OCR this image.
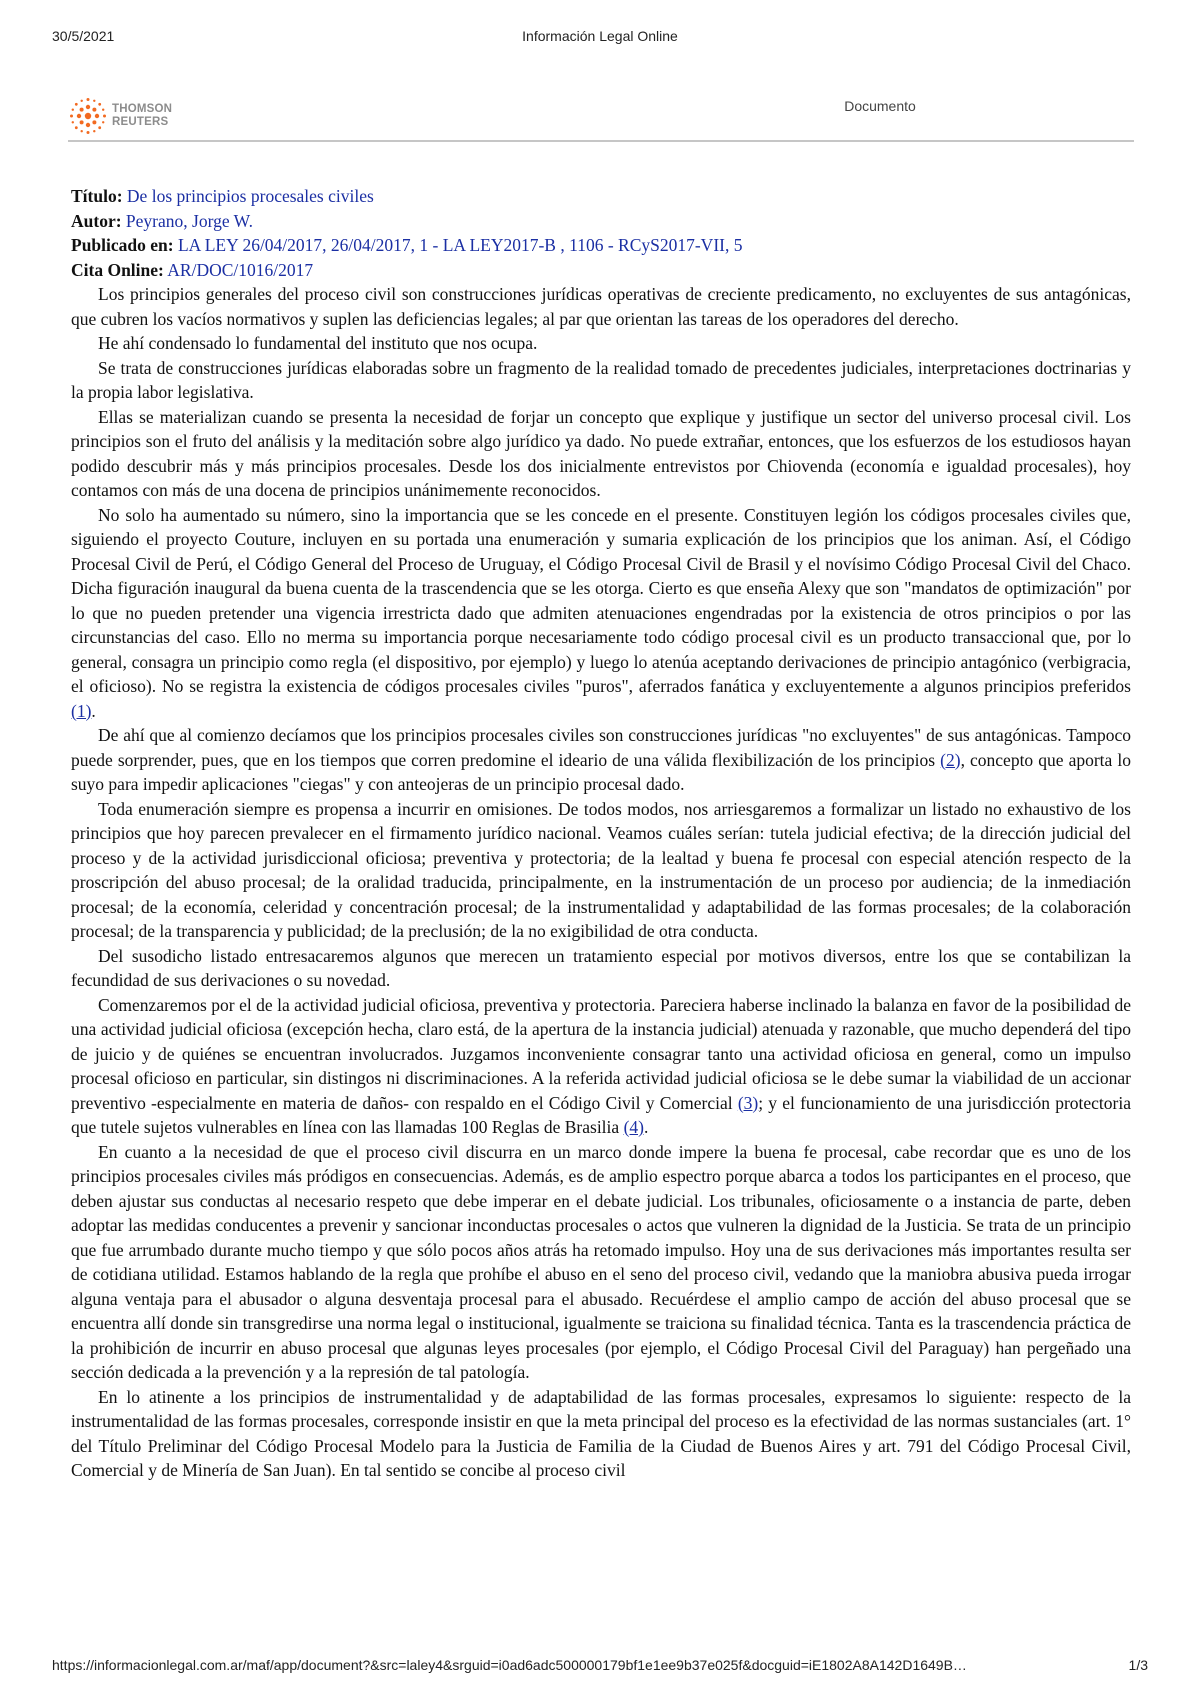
30/5/2021	Información Legal Online
THOMSON
REUTERS
Documento
Título: De los principios procesales civiles
Autor: Peyrano, Jorge W.
Publicado en: LA LEY 26/04/2017, 26/04/2017, 1 - LA LEY2017-B , 1106 - RCyS2017-VII, 5
Cita Online: AR/DOC/1016/2017

Los principios generales del proceso civil son construcciones jurídicas operativas de creciente predicamento, no excluyentes de sus antagónicas, que cubren los vacíos normativos y suplen las deficiencias legales; al par que orientan las tareas de los operadores del derecho.

He ahí condensado lo fundamental del instituto que nos ocupa.

Se trata de construcciones jurídicas elaboradas sobre un fragmento de la realidad tomado de precedentes judiciales, interpretaciones doctrinarias y la propia labor legislativa.

Ellas se materializan cuando se presenta la necesidad de forjar un concepto que explique y justifique un sector del universo procesal civil. Los principios son el fruto del análisis y la meditación sobre algo jurídico ya dado. No puede extrañar, entonces, que los esfuerzos de los estudiosos hayan podido descubrir más y más principios procesales. Desde los dos inicialmente entrevistos por Chiovenda (economía e igualdad procesales), hoy contamos con más de una docena de principios unánimemente reconocidos.

No solo ha aumentado su número, sino la importancia que se les concede en el presente. Constituyen legión los códigos procesales civiles que, siguiendo el proyecto Couture, incluyen en su portada una enumeración y sumaria explicación de los principios que los animan. Así, el Código Procesal Civil de Perú, el Código General del Proceso de Uruguay, el Código Procesal Civil de Brasil y el novísimo Código Procesal Civil del Chaco. Dicha figuración inaugural da buena cuenta de la trascendencia que se les otorga. Cierto es que enseña Alexy que son "mandatos de optimización" por lo que no pueden pretender una vigencia irrestricta dado que admiten atenuaciones engendradas por la existencia de otros principios o por las circunstancias del caso. Ello no merma su importancia porque necesariamente todo código procesal civil es un producto transaccional que, por lo general, consagra un principio como regla (el dispositivo, por ejemplo) y luego lo atenúa aceptando derivaciones de principio antagónico (verbigracia, el oficioso). No se registra la existencia de códigos procesales civiles "puros", aferrados fanática y excluyentemente a algunos principios preferidos (1).

De ahí que al comienzo decíamos que los principios procesales civiles son construcciones jurídicas "no excluyentes" de sus antagónicas. Tampoco puede sorprender, pues, que en los tiempos que corren predomine el ideario de una válida flexibilización de los principios (2), concepto que aporta lo suyo para impedir aplicaciones "ciegas" y con anteojeras de un principio procesal dado.

Toda enumeración siempre es propensa a incurrir en omisiones. De todos modos, nos arriesgaremos a formalizar un listado no exhaustivo de los principios que hoy parecen prevalecer en el firmamento jurídico nacional. Veamos cuáles serían: tutela judicial efectiva; de la dirección judicial del proceso y de la actividad jurisdiccional oficiosa; preventiva y protectoria; de la lealtad y buena fe procesal con especial atención respecto de la proscripción del abuso procesal; de la oralidad traducida, principalmente, en la instrumentación de un proceso por audiencia; de la inmediación procesal; de la economía, celeridad y concentración procesal; de la instrumentalidad y adaptabilidad de las formas procesales; de la colaboración procesal; de la transparencia y publicidad; de la preclusión; de la no exigibilidad de otra conducta.

Del susodicho listado entresacaremos algunos que merecen un tratamiento especial por motivos diversos, entre los que se contabilizan la fecundidad de sus derivaciones o su novedad.

Comenzaremos por el de la actividad judicial oficiosa, preventiva y protectoria. Pareciera haberse inclinado la balanza en favor de la posibilidad de una actividad judicial oficiosa (excepción hecha, claro está, de la apertura de la instancia judicial) atenuada y razonable, que mucho dependerá del tipo de juicio y de quiénes se encuentran involucrados. Juzgamos inconveniente consagrar tanto una actividad oficiosa en general, como un impulso procesal oficioso en particular, sin distingos ni discriminaciones. A la referida actividad judicial oficiosa se le debe sumar la viabilidad de un accionar preventivo -especialmente en materia de daños- con respaldo en el Código Civil y Comercial (3); y el funcionamiento de una jurisdicción protectoria que tutele sujetos vulnerables en línea con las llamadas 100 Reglas de Brasilia (4).

En cuanto a la necesidad de que el proceso civil discurra en un marco donde impere la buena fe procesal, cabe recordar que es uno de los principios procesales civiles más pródigos en consecuencias. Además, es de amplio espectro porque abarca a todos los participantes en el proceso, que deben ajustar sus conductas al necesario respeto que debe imperar en el debate judicial. Los tribunales, oficiosamente o a instancia de parte, deben adoptar las medidas conducentes a prevenir y sancionar inconductas procesales o actos que vulneren la dignidad de la Justicia. Se trata de un principio que fue arrumbado durante mucho tiempo y que sólo pocos años atrás ha retomado impulso. Hoy una de sus derivaciones más importantes resulta ser de cotidiana utilidad. Estamos hablando de la regla que prohíbe el abuso en el seno del proceso civil, vedando que la maniobra abusiva pueda irrogar alguna ventaja para el abusador o alguna desventaja procesal para el abusado. Recuérdese el amplio campo de acción del abuso procesal que se encuentra allí donde sin transgredirse una norma legal o institucional, igualmente se traiciona su finalidad técnica. Tanta es la trascendencia práctica de la prohibición de incurrir en abuso procesal que algunas leyes procesales (por ejemplo, el Código Procesal Civil del Paraguay) han pergeñado una sección dedicada a la prevención y a la represión de tal patología.

En lo atinente a los principios de instrumentalidad y de adaptabilidad de las formas procesales, expresamos lo siguiente: respecto de la instrumentalidad de las formas procesales, corresponde insistir en que la meta principal del proceso es la efectividad de las normas sustanciales (art. 1° del Título Preliminar del Código Procesal Modelo para la Justicia de Familia de la Ciudad de Buenos Aires y art. 791 del Código Procesal Civil, Comercial y de Minería de San Juan). En tal sentido se concibe al proceso civil

https://informacionlegal.com.ar/maf/app/document?&src=laley4&srguid=i0ad6adc500000179bf1e1ee9b37e025f&docguid=iE1802A8A142D1649B…	1/3
